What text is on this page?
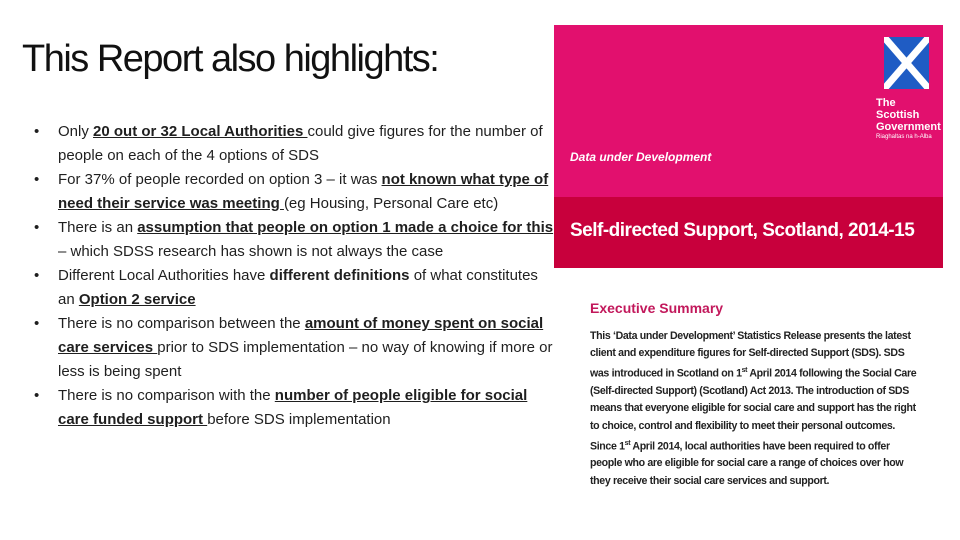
This Report also highlights:
• Only 20 out or 32 Local Authorities could give figures for the number of people on each of the 4 options of SDS
• For 37% of people recorded on option 3 – it was not known what type of need their service was meeting (eg Housing, Personal Care etc)
• There is an assumption that people on option 1 made a choice for this – which SDSS research has shown is not always the case
• Different Local Authorities have different definitions of what constitutes an Option 2 service
• There is no comparison between the amount of money spent on social care services prior to SDS implementation – no way of knowing if more or less is being spent
• There is no comparison with the number of people eligible for social care funded support before SDS implementation
The Scottish Government
Riaghaltas na h-Alba
Data under Development
Self-directed Support, Scotland, 2014-15

Executive Summary

This ‘Data under Development’ Statistics Release presents the latest client and expenditure figures for Self-directed Support (SDS). SDS was introduced in Scotland on 1st April 2014 following the Social Care (Self-directed Support) (Scotland) Act 2013. The introduction of SDS means that everyone eligible for social care and support has the right to choice, control and flexibility to meet their personal outcomes. Since 1st April 2014, local authorities have been required to offer people who are eligible for social care a range of choices over how they receive their social care services and support.
